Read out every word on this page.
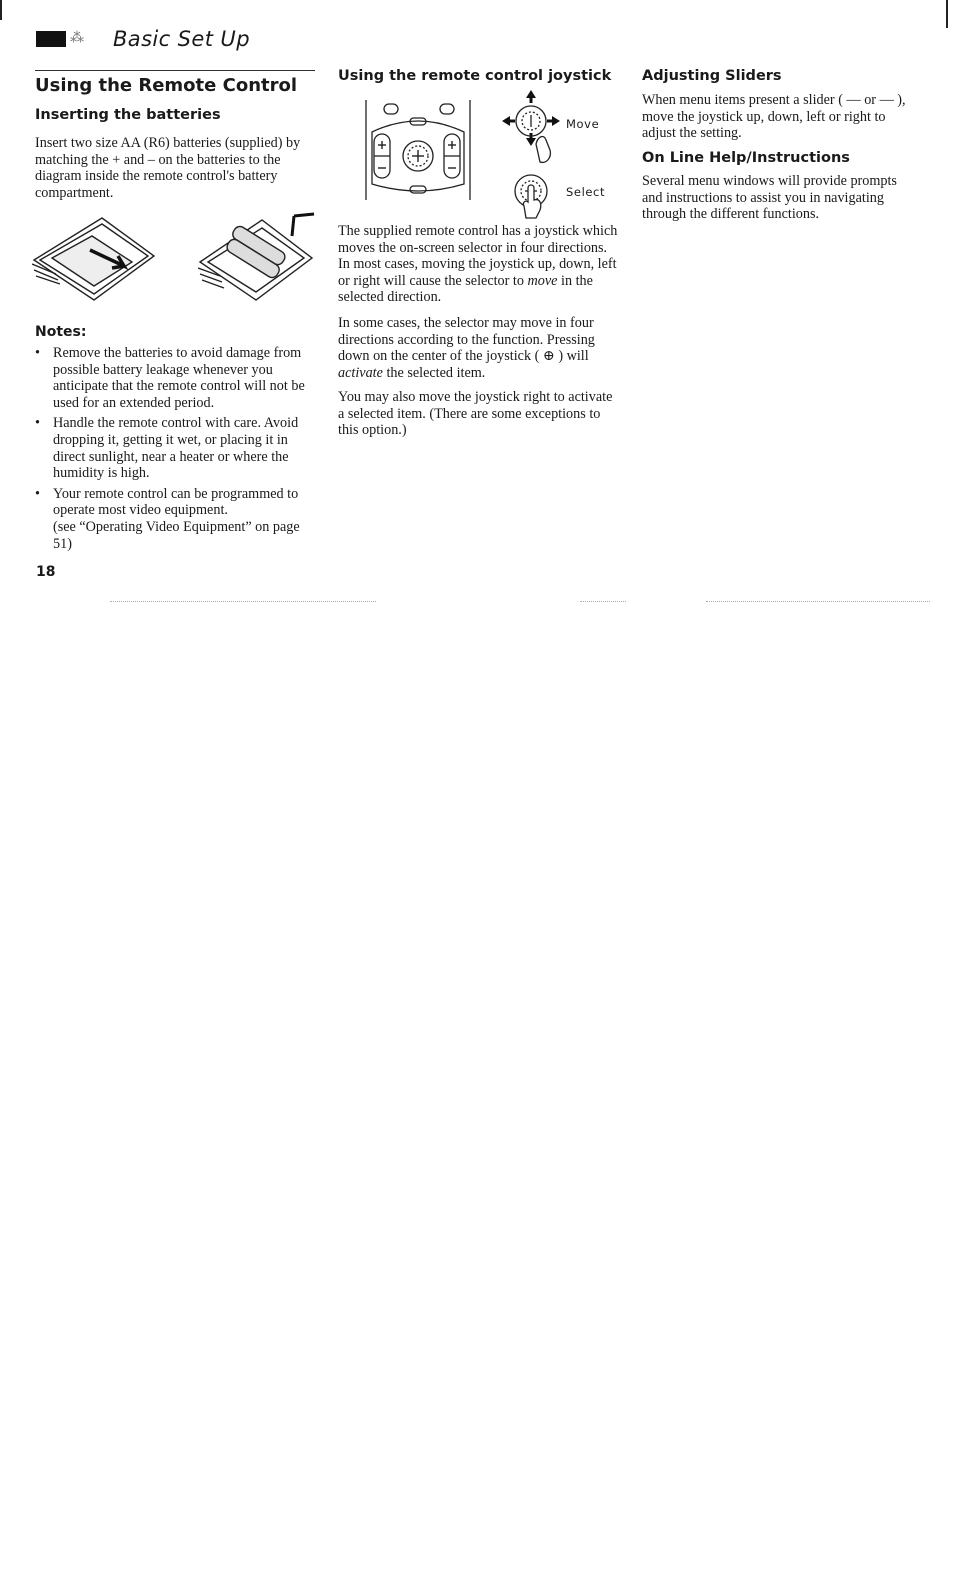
⁂ Basic Set Up
Using the Remote Control
Inserting the batteries
Insert two size AA (R6) batteries (supplied) by matching the + and – on the batteries to the diagram inside the remote control's battery compartment.
Notes:
• Remove the batteries to avoid damage from possible battery leakage whenever you anticipate that the remote control will not be used for an extended period.
• Handle the remote control with care. Avoid dropping it, getting it wet, or placing it in direct sunlight, near a heater or where the humidity is high.
• Your remote control can be programmed to operate most video equipment.
(see “Operating Video Equipment” on page 51)
18
Using the remote control joystick
Move
Select
The supplied remote control has a joystick which moves the on-screen selector in four directions. In most cases, moving the joystick up, down, left or right will cause the selector to move in the selected direction.
In some cases, the selector may move in four directions according to the function. Pressing down on the center of the joystick ( ⊕ ) will activate the selected item.
You may also move the joystick right to activate a selected item. (There are some exceptions to this option.)
Adjusting Sliders
When menu items present a slider ( — or — ), move the joystick up, down, left or right to adjust the setting.
On Line Help/Instructions
Several menu windows will provide prompts and instructions to assist you in navigating through the different functions.
